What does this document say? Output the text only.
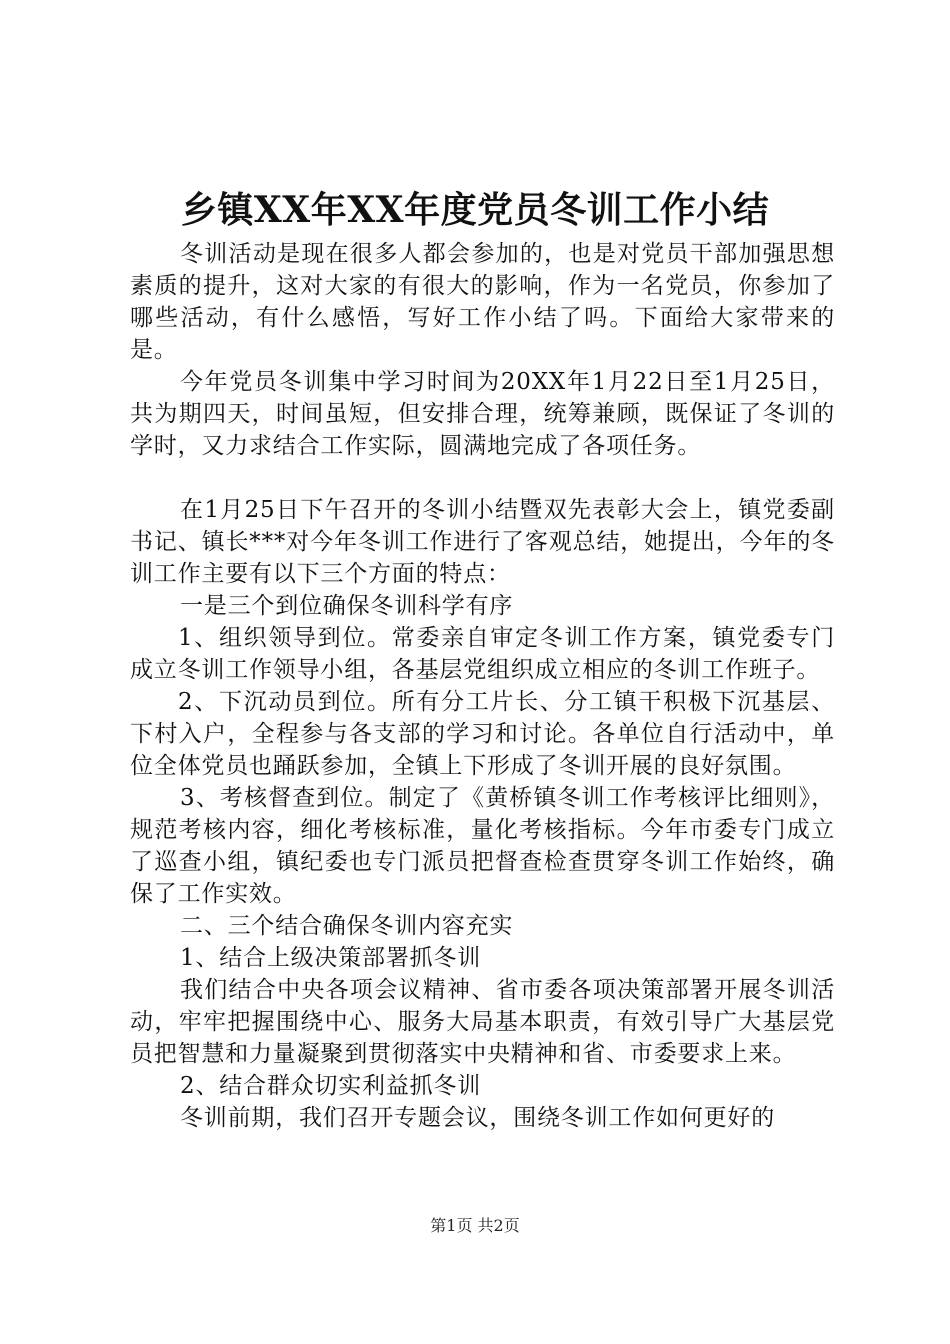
乡镇XX年XX年度党员冬训工作小结

冬训活动是现在很多人都会参加的，也是对党员干部加强思想素质的提升，这对大家的有很大的影响，作为一名党员，你参加了哪些活动，有什么感悟，写好工作小结了吗。下面给大家带来的是。

今年党员冬训集中学习时间为20XX年1月22日至1月25日，共为期四天，时间虽短，但安排合理，统筹兼顾，既保证了冬训的学时，又力求结合工作实际，圆满地完成了各项任务。

在1月25日下午召开的冬训小结暨双先表彰大会上，镇党委副书记、镇长***对今年冬训工作进行了客观总结，她提出，今年的冬训工作主要有以下三个方面的特点：

一是三个到位确保冬训科学有序

1、组织领导到位。常委亲自审定冬训工作方案，镇党委专门成立冬训工作领导小组，各基层党组织成立相应的冬训工作班子。

2、下沉动员到位。所有分工片长、分工镇干积极下沉基层、下村入户，全程参与各支部的学习和讨论。各单位自行活动中，单位全体党员也踊跃参加，全镇上下形成了冬训开展的良好氛围。

3、考核督查到位。制定了《黄桥镇冬训工作考核评比细则》，规范考核内容，细化考核标准，量化考核指标。今年市委专门成立了巡查小组，镇纪委也专门派员把督查检查贯穿冬训工作始终，确保了工作实效。

二、三个结合确保冬训内容充实

1、结合上级决策部署抓冬训

我们结合中央各项会议精神、省市委各项决策部署开展冬训活动，牢牢把握围绕中心、服务大局基本职责，有效引导广大基层党员把智慧和力量凝聚到贯彻落实中央精神和省、市委要求上来。

2、结合群众切实利益抓冬训

冬训前期，我们召开专题会议，围绕冬训工作如何更好的

第1页 共2页
